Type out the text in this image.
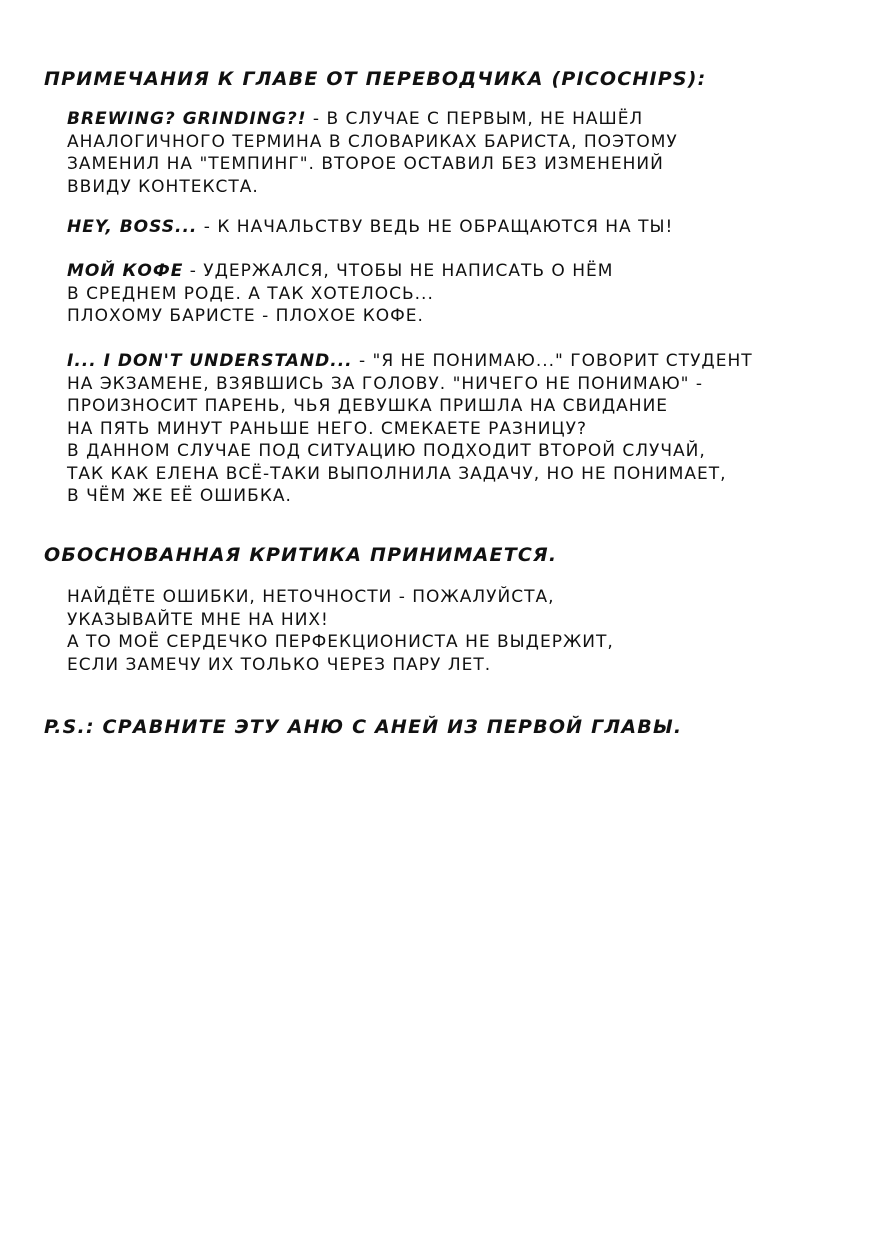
ПРИМЕЧАНИЯ К ГЛАВЕ ОТ ПЕРЕВОДЧИКА (PICOCHIPS):

BREWING? GRINDING?! - В СЛУЧАЕ С ПЕРВЫМ, НЕ НАШЁЛ
АНАЛОГИЧНОГО ТЕРМИНА В СЛОВАРИКАХ БАРИСТА, ПОЭТОМУ
ЗАМЕНИЛ НА "ТЕМПИНГ". ВТОРОЕ ОСТАВИЛ БЕЗ ИЗМЕНЕНИЙ
ВВИДУ КОНТЕКСТА.

HEY, BOSS... - К НАЧАЛЬСТВУ ВЕДЬ НЕ ОБРАЩАЮТСЯ НА ТЫ!

МОЙ КОФЕ - УДЕРЖАЛСЯ, ЧТОБЫ НЕ НАПИСАТЬ О НЁМ
В СРЕДНЕМ РОДЕ. А ТАК ХОТЕЛОСЬ...
ПЛОХОМУ БАРИСТЕ - ПЛОХОЕ КОФЕ.

I... I DON'T UNDERSTAND... - "Я НЕ ПОНИМАЮ..." ГОВОРИТ СТУДЕНТ
НА ЭКЗАМЕНЕ, ВЗЯВШИСЬ ЗА ГОЛОВУ. "НИЧЕГО НЕ ПОНИМАЮ" -
ПРОИЗНОСИТ ПАРЕНЬ, ЧЬЯ ДЕВУШКА ПРИШЛА НА СВИДАНИЕ
НА ПЯТЬ МИНУТ РАНЬШЕ НЕГО. СМЕКАЕТЕ РАЗНИЦУ?
В ДАННОМ СЛУЧАЕ ПОД СИТУАЦИЮ ПОДХОДИТ ВТОРОЙ СЛУЧАЙ,
ТАК КАК ЕЛЕНА ВСЁ-ТАКИ ВЫПОЛНИЛА ЗАДАЧУ, НО НЕ ПОНИМАЕТ,
В ЧЁМ ЖЕ ЕЁ ОШИБКА.

ОБОСНОВАННАЯ КРИТИКА ПРИНИМАЕТСЯ.

НАЙДЁТЕ ОШИБКИ, НЕТОЧНОСТИ - ПОЖАЛУЙСТА,
УКАЗЫВАЙТЕ МНЕ НА НИХ!
А ТО МОЁ СЕРДЕЧКО ПЕРФЕКЦИОНИСТА НЕ ВЫДЕРЖИТ,
ЕСЛИ ЗАМЕЧУ ИХ ТОЛЬКО ЧЕРЕЗ ПАРУ ЛЕТ.

P.S.: СРАВНИТЕ ЭТУ АНЮ С АНЕЙ ИЗ ПЕРВОЙ ГЛАВЫ.
